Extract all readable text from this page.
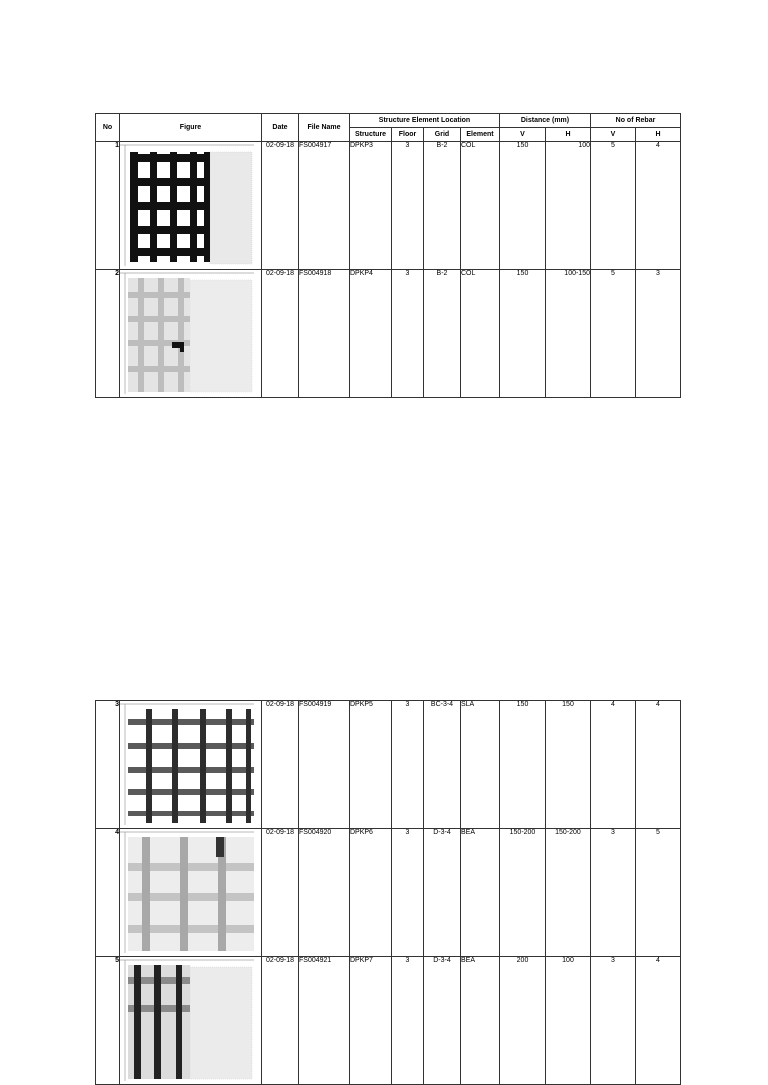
No	Figure	Date	File Name	Structure Element Location				Distance (mm)		No of Rebar	
				Structure	Floor	Grid	Element	V	H	V	H
1		02-09-18	FS004917	DPKP3	3	B-2	COL	150	100	5	4
2		02-09-18	FS004918	DPKP4	3	B-2	COL	150	100-150	5	3
3		02-09-18	FS004919	DPKP5	3	BC-3-4	SLA	150	150	4	4
4		02-09-18	FS004920	DPKP6	3	D-3-4	BEA	150-200	150-200	3	5
5		02-09-18	FS004921	DPKP7	3	D-3-4	BEA	200	100	3	4
